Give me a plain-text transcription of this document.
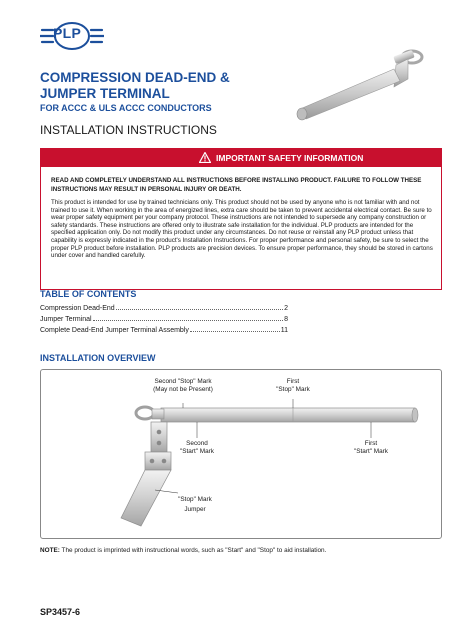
PLP
COMPRESSION DEAD-END &
JUMPER TERMINAL
FOR ACCC & ULS ACCC CONDUCTORS
INSTALLATION INSTRUCTIONS
IMPORTANT SAFETY INFORMATION
READ AND COMPLETELY UNDERSTAND ALL INSTRUCTIONS BEFORE INSTALLING PRODUCT. FAILURE TO FOLLOW THESE INSTRUCTIONS MAY RESULT IN PERSONAL INJURY OR DEATH.
This product is intended for use by trained technicians only. This product should not be used by anyone who is not familiar with and not trained to use it. When working in the area of energized lines, extra care should be taken to prevent accidental electrical contact. Be sure to wear proper safety equipment per your company protocol. These instructions are not intended to supersede any company construction or safety standards. These instructions are offered only to illustrate safe installation for the individual. PLP products are intended for the specified application only. Do not modify this product under any circumstances. Do not reuse or reinstall any PLP product unless that capability is expressly indicated in the product's Installation Instructions. For proper performance and personal safety, be sure to select the proper PLP product before installation. PLP products are precision devices. To ensure proper performance, they should be stored in cartons under cover and handled carefully.
TABLE OF CONTENTS
Compression Dead-End	2
Jumper Terminal	8
Complete Dead-End Jumper Terminal Assembly	11
INSTALLATION OVERVIEW
Second "Stop" Mark
(May not be Present)
First
"Stop" Mark
Second
"Start" Mark
First
"Start" Mark
"Stop" Mark
Jumper
NOTE: The product is imprinted with instructional words, such as "Start" and "Stop" to aid installation.
SP3457-6
